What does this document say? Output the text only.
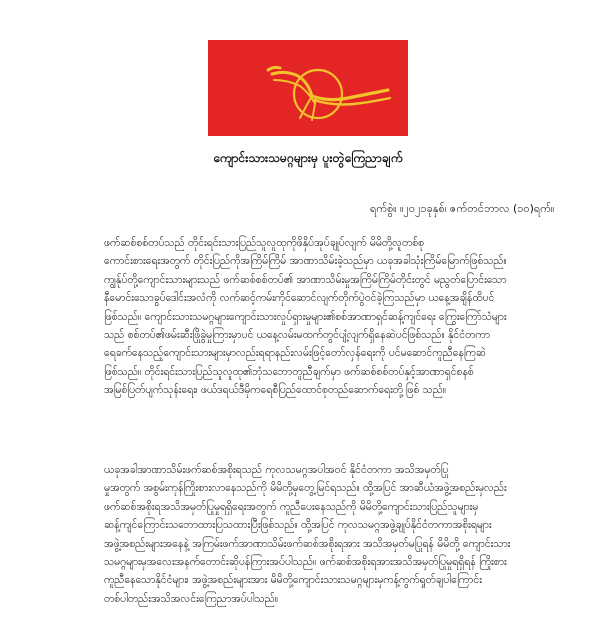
ကျောင်းသားသမဂ္ဂများမှ ပူးတွဲကြေညာချက်
ရက်စွဲ။ ။၂၀၂၁ခုနှစ်၊ ဇက်တင်ဘာလ (၁၀)ရက်။
ဖက်ဆစ်စစ်တပ်သည် တိုင်းရင်းသားပြည်သူလူထုကိုဖိနှိပ်အုပ်ချုပ်လျက် မိမိတို့လူတစ်စု
ကောင်းစားရေးအတွက် တိုင်းပြည်ကိုအကြိမ်ကြိမ် အာဏာသိမ်းခဲ့သည်မှာ ယခုအခါသုံးကြိမ်မြောက်ဖြစ်သည်။
ကျွန်ုပ်တို့ကျောင်းသားများသည် ဖက်ဆစ်စစ်တပ်၏ အာဏာသိမ်းမှုအကြိမ်ကြိမ်တိုင်းတွင် မညွတ်ပြောင်းသော
နီမောင်းသောခွပ်ဒေါင်းအလံကို လက်ဆင့်ကမ်းကိုင်ဆောင်လျက်တိုက်ပွဲဝင်ခဲ့ကြသည်မှာ ယနေ့အချိန်ထိပင်
ဖြစ်သည်။ ကျောင်းသားသမဂ္ဂများကျောင်းသားလှုပ်ရှားမှုများ၏စစ်အာဏာရှင်ဆန့်ကျင်ရေး ကြွေးကြော်သံများ
သည် စစ်တပ်၏ဖမ်းဆီးဖြိုခွဲမှုကြားမှာပင် ယနေ့လမ်းမထက်တွင်ပျံ့လျက်ရှိနေဆဲပင်ဖြစ်သည်။ နိုင်ငံတကာ
ရေခက်နေသည့်ကျောင်းသားများမှာလည်းရရာနည်းလမ်းဖြင့်တော်လှန်ရေးကို ပင်မဆောင်ကူညီနေကြဆဲ
ဖြစ်သည်။ တိုင်းရင်းသားပြည်သူလူထု၏ဘုံသဘောတူညီချက်မှာ ဖက်ဆစ်စစ်တပ်နှင့်အာဏာရှင်စနစ်
အမြစ်ပြတ်ပျက်သုန်းရေး၊ ဖယ်ဒရယ်ဒီမိုကရေစီပြည်ထောင်စုတည်ဆောက်ရေးတို့ဖြစ် သည်။
ယခုအခါအာဏာသိမ်းဖက်ဆစ်အစိုးရသည် ကုလသမဂ္ဂအပါအဝင် နိုင်ငံတကာ အသိအမှတ်ပြု
မှုအတွက် အစွမ်းကုန်ကြိုးစားလာနေသည်ကို မိမိတို့မှတွေ့မြင်ရသည်။ ထို့အပြင် အာဆီယံအဖွဲ့အစည်းမှလည်း
ဖက်ဆစ်အစိုးရအသိအမှတ်ပြုမှုရရှိရေးအတွက် ကူညီပေးနေသည်ကို မိမိတို့ကျောင်းသားပြည်သူများမှ
ဆန့်ကျင်ကြောင်းသဘောထားပြသထားပြီးဖြစ်သည်။ ထို့အပြင် ကုလသမဂ္ဂအဖွဲ့ချုပ်နိုင်ငံတကာအစိုးရများ
အဖွဲ့အစည်းများအနေနဲ့ အကြမ်းဖက်အာဏာသိမ်းဖက်ဆစ်အစိုးရအား အသိအမှတ်မပြုရန် မိမိတို့ ကျောင်းသား
သမဂ္ဂများမှအလေးအနက်တောင်းဆိုပန်ကြားအပ်ပါသည်။ ဖက်ဆစ်အစိုးရအားအသိအမှတ်ပြုမှုရရှိရန် ကြိုးစား
ကူညီနေသောနိုင်ငံများ၊ အဖွဲ့အစည်းများအား မိမိတို့ကျောင်းသားသမဂ္ဂများမှကန့်ကွက်ရှုတ်ချပါကြောင်း
တစ်ပါတည်းအသိအလင်းကြေညာအပ်ပါသည်။
